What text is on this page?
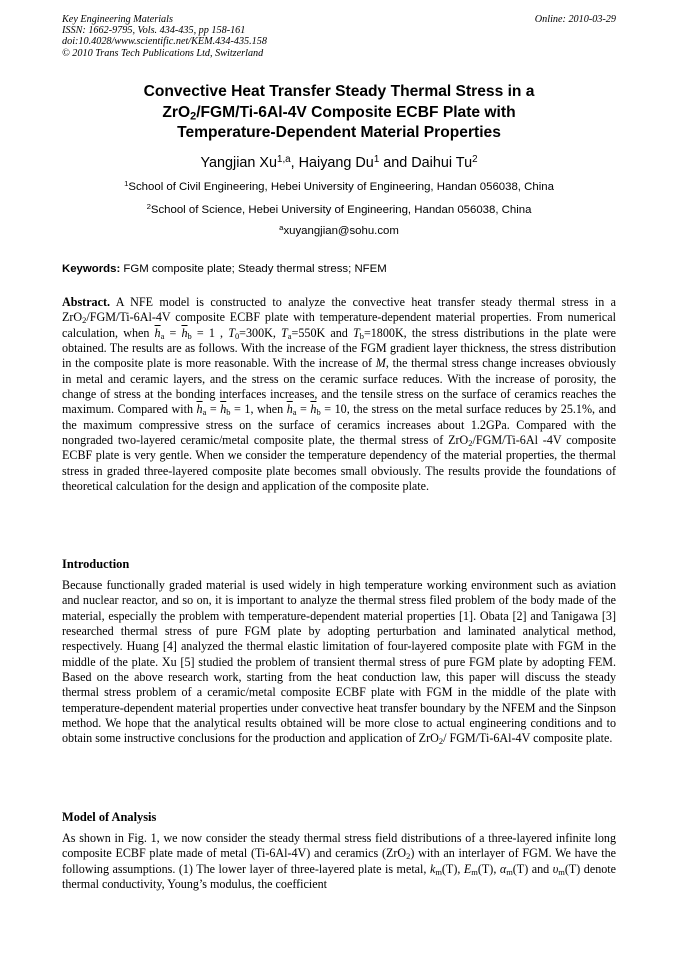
Key Engineering Materials
ISSN: 1662-9795, Vols. 434-435, pp 158-161
doi:10.4028/www.scientific.net/KEM.434-435.158
© 2010 Trans Tech Publications Ltd, Switzerland
Online: 2010-03-29
Convective Heat Transfer Steady Thermal Stress in a
ZrO$_2$/FGM/Ti-6Al-4V Composite ECBF Plate with
Temperature-Dependent Material Properties
Yangjian Xu$^{1,a}$, Haiyang Du$^1$ and Daihui Tu$^2$
$^1$School of Civil Engineering, Hebei University of Engineering, Handan 056038, China
$^2$School of Science, Hebei University of Engineering, Handan 056038, China
$^a$xuyangjian@sohu.com
Keywords: FGM composite plate; Steady thermal stress; NFEM

Abstract. A NFE model is constructed to analyze the convective heat transfer steady thermal stress in a ZrO$_2$/FGM/Ti-6Al-4V composite ECBF plate with temperature-dependent material properties. From numerical calculation, when $\overline{h}_a = \overline{h}_b = 1$ , $T_0=300K$, $T_a=550K$ and $T_b=1800K$, the stress distributions in the plate were obtained. The results are as follows. With the increase of the FGM gradient layer thickness, the stress distribution in the composite plate is more reasonable. With the increase of M, the thermal stress change increases obviously in metal and ceramic layers, and the stress on the ceramic surface reduces. With the increase of porosity, the change of stress at the bonding interfaces increases, and the tensile stress on the surface of ceramics reaches the maximum. Compared with $\overline{h}_a = \overline{h}_b = 1$, when $\overline{h}_a = \overline{h}_b = 10$, the stress on the metal surface reduces by 25.1%, and the maximum compressive stress on the surface of ceramics increases about 1.2GPa. Compared with the nongraded two-layered ceramic/metal composite plate, the thermal stress of ZrO$_2$/FGM/Ti-6Al -4V composite ECBF plate is very gentle. When we consider the temperature dependency of the material properties, the thermal stress in graded three-layered composite plate becomes small obviously. The results provide the foundations of theoretical calculation for the design and application of the composite plate.

Introduction

Because functionally graded material is used widely in high temperature working environment such as aviation and nuclear reactor, and so on, it is important to analyze the thermal stress filed problem of the body made of the material, especially the problem with temperature-dependent material properties [1]. Obata [2] and Tanigawa [3] researched thermal stress of pure FGM plate by adopting perturbation and laminated analytical method, respectively. Huang [4] analyzed the thermal elastic limitation of four-layered composite plate with FGM in the middle of the plate. Xu [5] studied the problem of transient thermal stress of pure FGM plate by adopting FEM. Based on the above research work, starting from the heat conduction law, this paper will discuss the steady thermal stress problem of a ceramic/metal composite ECBF plate with FGM in the middle of the plate with temperature-dependent material properties under convective heat transfer boundary by the NFEM and the Sinpson method. We hope that the analytical results obtained will be more close to actual engineering conditions and to obtain some instructive conclusions for the production and application of ZrO$_2$/ FGM/Ti-6Al-4V composite plate.

Model of Analysis

As shown in Fig. 1, we now consider the steady thermal stress field distributions of a three-layered infinite long composite ECBF plate made of metal (Ti-6Al-4V) and ceramics (ZrO$_2$) with an interlayer of FGM. We have the following assumptions. (1) The lower layer of three-layered plate is metal, $k_m(T)$, $E_m(T)$, $\alpha_m(T)$ and $\upsilon_m(T)$ denote thermal conductivity, Young’s modulus, the coefficient
